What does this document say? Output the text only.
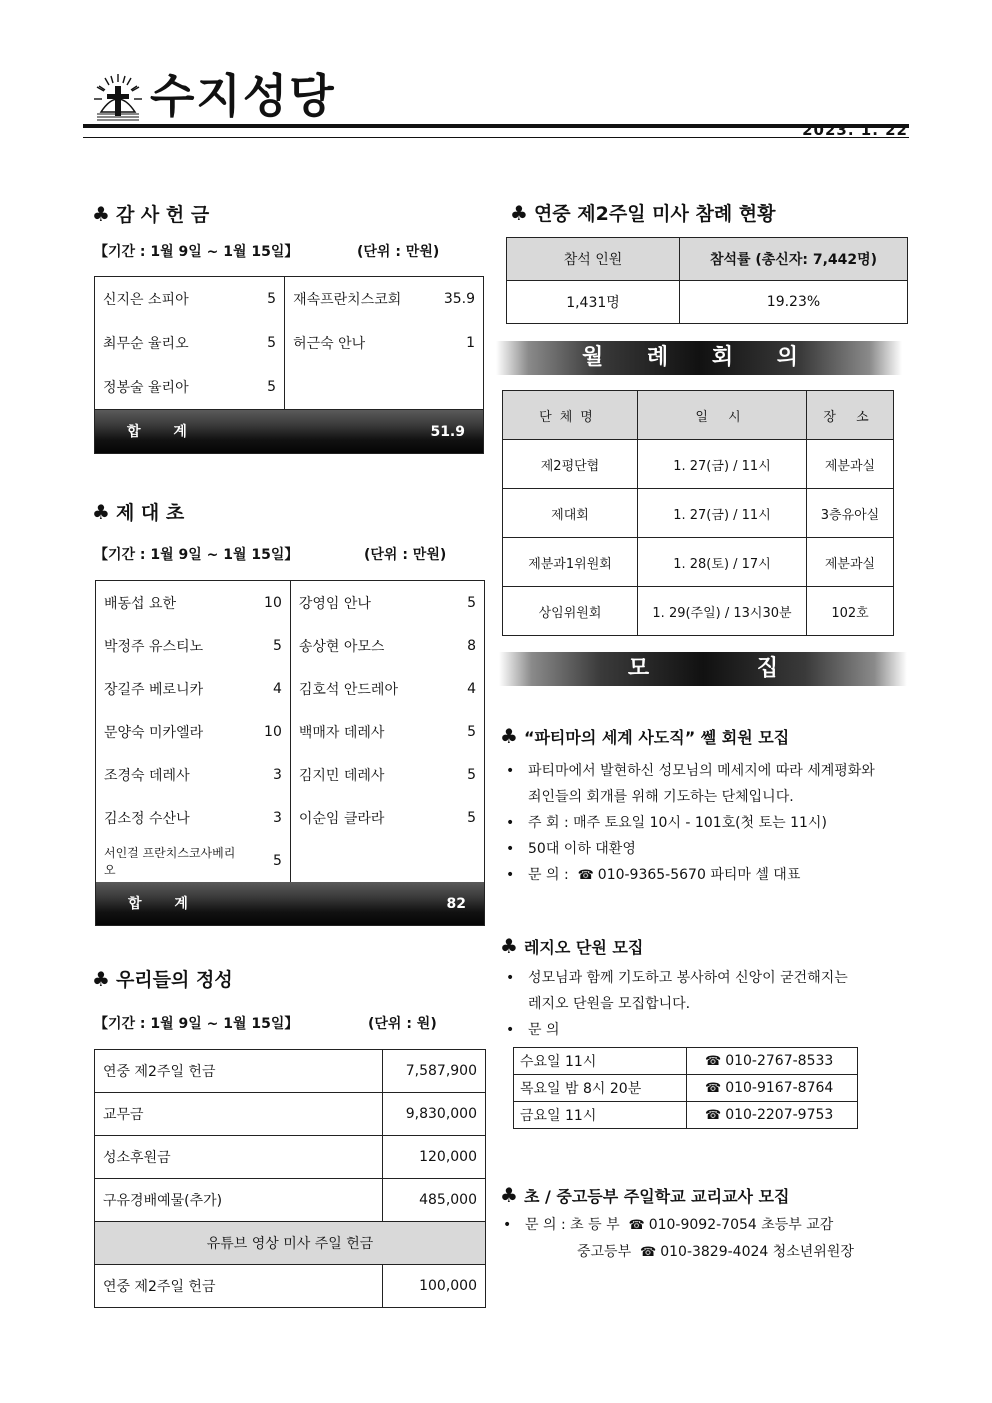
수지성당
2023. 1. 22
♣ 감 사 헌 금
【기간 : 1월 9일 ~ 1월 15일】	(단위 : 만원)
신지은 소피아	5	재속프란치스코회	35.9
최무순 율리오	5	허근숙 안나	1
정봉술 율리아	5		
합 계	51.9
♣ 제 대 초
【기간 : 1월 9일 ~ 1월 15일】	(단위 : 만원)
배동섭 요한	10	강영임 안나	5
박정주 유스티노	5	송상현 아모스	8
장길주 베로니카	4	김호석 안드레아	4
문양숙 미카엘라	10	백매자 데레사	5
조경숙 데레사	3	김지민 데레사	5
김소정 수산나	3	이순임 클라라	5
서인걸 프란치스코사베리오	5		
합 계	82
♣ 우리들의 정성
【기간 : 1월 9일 ~ 1월 15일】	(단위 : 원)
연중 제2주일 헌금	7,587,900
교무금	9,830,000
성소후원금	120,000
구유경배예물(추가)	485,000
유튜브 영상 미사 주일 헌금	
연중 제2주일 헌금	100,000
♣ 연중 제2주일 미사 참례 현황
참석 인원	참석률 (총신자: 7,442명)
1,431명	19.23%
월 례 회 의
단체명	일 시	장 소
제2평단협	1. 27(금) / 11시	제분과실
제대회	1. 27(금) / 11시	3층유아실
제분과1위원회	1. 28(토) / 17시	제분과실
상임위원회	1. 29(주일) / 13시30분	102호
모 집
♣ “파티마의 세계 사도직” 쎌 회원 모집
• 파티마에서 발현하신 성모님의 메세지에 따라 세계평화와
죄인들의 회개를 위해 기도하는 단체입니다.
• 주 회 : 매주 토요일 10시 - 101호(첫 토는 11시)
• 50대 이하 대환영
• 문 의 : ☎ 010-9365-5670 파티마 셀 대표
♣ 레지오 단원 모집
• 성모님과 함께 기도하고 봉사하여 신앙이 굳건해지는
레지오 단원을 모집합니다.
• 문 의
수요일 11시	☎ 010-2767-8533
목요일 밤 8시 20분	☎ 010-9167-8764
금요일 11시	☎ 010-2207-9753
♣ 초 / 중고등부 주일학교 교리교사 모집
• 문 의 : 초 등 부 ☎ 010-9092-7054 초등부 교감
중고등부 ☎ 010-3829-4024 청소년위원장
